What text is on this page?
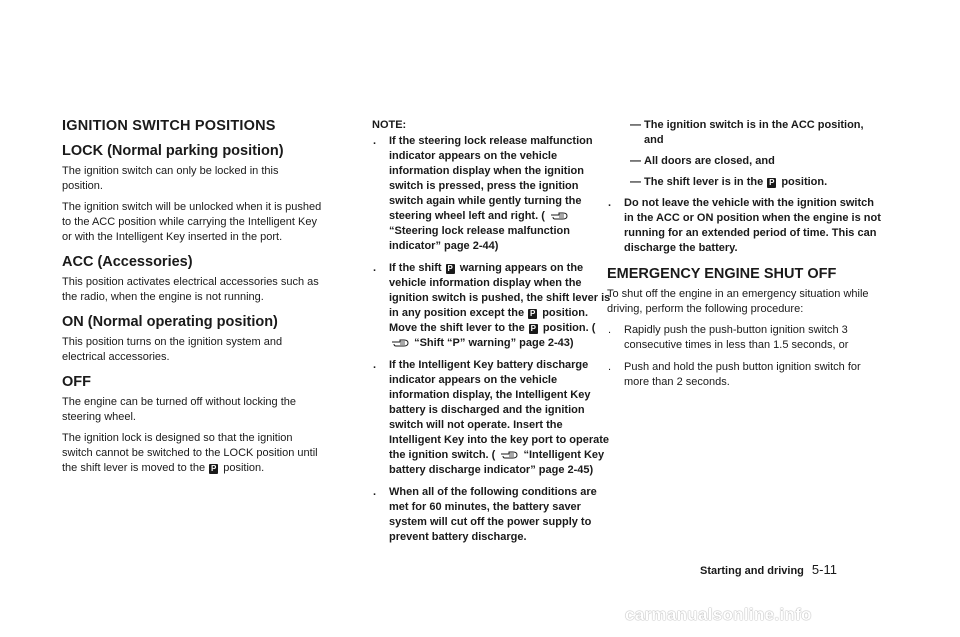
IGNITION SWITCH POSITIONS
LOCK (Normal parking position)

The ignition switch can only be locked in this position.

The ignition switch will be unlocked when it is pushed to the ACC position while carrying the Intelligent Key or with the Intelligent Key inserted in the port.

ACC (Accessories)

This position activates electrical accessories such as the radio, when the engine is not running.

ON (Normal operating position)

This position turns on the ignition system and electrical accessories.

OFF

The engine can be turned off without locking the steering wheel.

The ignition lock is designed so that the ignition switch cannot be switched to the LOCK position until the shift lever is moved to the P position.

NOTE:
.	If the steering lock release malfunction indicator appears on the vehicle information display when the ignition switch is pressed, press the ignition switch again while gently turning the steering wheel left and right. (  “Steering lock release malfunction indicator” page 2-44)
.	If the shift P warning appears on the vehicle information display when the ignition switch is pushed, the shift lever is in any position except the P position. Move the shift lever to the P position. (  “Shift “P” warning” page 2-43)
.	If the Intelligent Key battery discharge indicator appears on the vehicle information display, the Intelligent Key battery is discharged and the ignition switch will not operate. Insert the Intelligent Key into the key port to operate the ignition switch. (	“Intelligent Key battery discharge indicator” page 2-45)
.	When all of the following conditions are met for 60 minutes, the battery saver system will cut off the power supply to prevent battery discharge.
— The ignition switch is in the ACC position, and
— All doors are closed, and
— The shift lever is in the P position.
.	Do not leave the vehicle with the ignition switch in the ACC or ON position when the engine is not running for an extended period of time. This can discharge the battery.
EMERGENCY ENGINE SHUT OFF

To shut off the engine in an emergency situation while driving, perform the following procedure:

.	Rapidly push the push-button ignition switch 3 consecutive times in less than 1.5 seconds, or
.	Push and hold the push button ignition switch for more than 2 seconds.
Starting and driving 5-11
carmanualsonline.info
